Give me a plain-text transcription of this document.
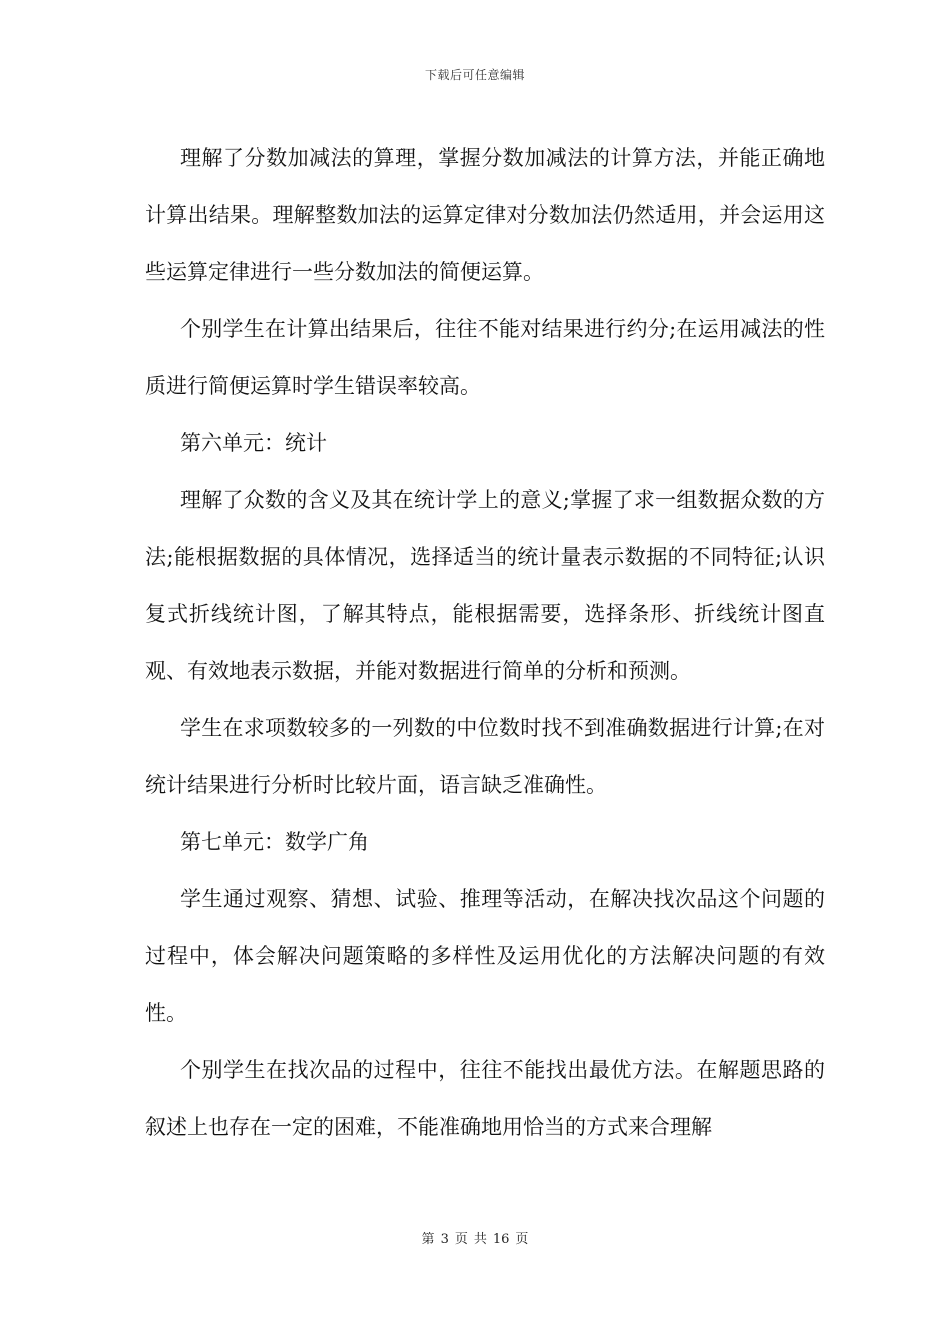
下载后可任意编辑

理解了分数加减法的算理，掌握分数加减法的计算方法，并能正确地计算出结果。理解整数加法的运算定律对分数加法仍然适用，并会运用这些运算定律进行一些分数加法的简便运算。

个别学生在计算出结果后，往往不能对结果进行约分;在运用减法的性质进行简便运算时学生错误率较高。

第六单元：统计

理解了众数的含义及其在统计学上的意义;掌握了求一组数据众数的方法;能根据数据的具体情况，选择适当的统计量表示数据的不同特征;认识复式折线统计图，了解其特点，能根据需要，选择条形、折线统计图直观、有效地表示数据，并能对数据进行简单的分析和预测。

学生在求项数较多的一列数的中位数时找不到准确数据进行计算;在对统计结果进行分析时比较片面，语言缺乏准确性。

第七单元：数学广角

学生通过观察、猜想、试验、推理等活动，在解决找次品这个问题的过程中，体会解决问题策略的多样性及运用优化的方法解决问题的有效性。

个别学生在找次品的过程中，往往不能找出最优方法。在解题思路的叙述上也存在一定的困难，不能准确地用恰当的方式来合理解

第 3 页 共 16 页
